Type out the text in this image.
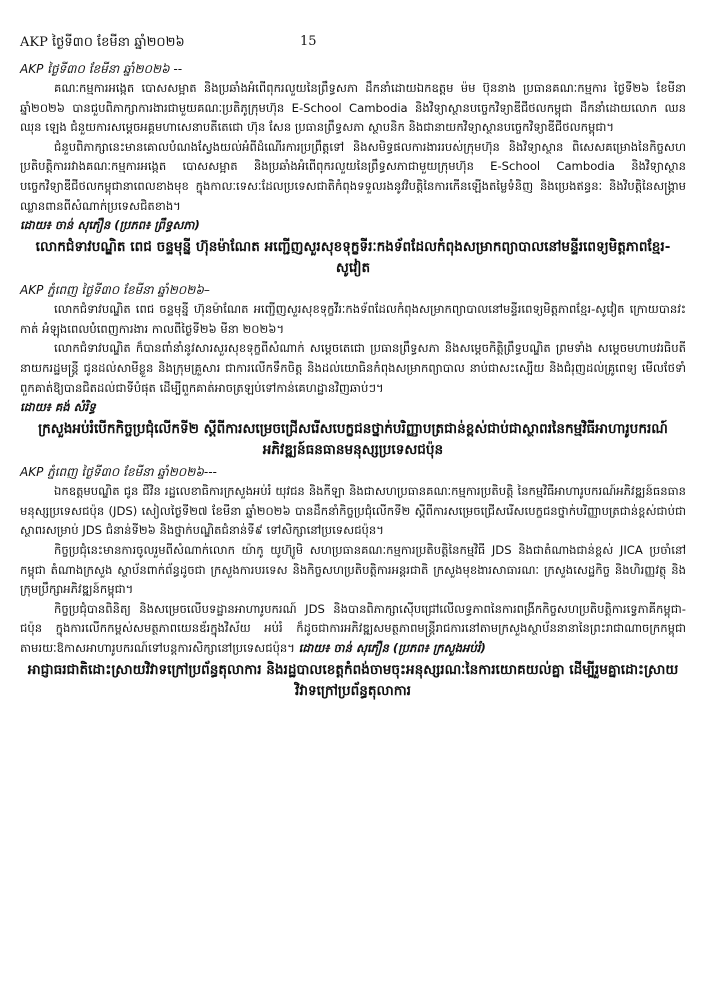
AKP ថ្ងៃទី៣០ ខែមីនា ឆ្នាំ២០២៦	15

AKP ថ្ងៃទី៣០ ខែមីនា ឆ្នាំ២០២៦ --

គណៈកម្មការអង្កេត បោសសម្អាត និងប្រឆាំងអំពើពុករលួយនៃព្រឹទ្ធសភា ដឹកនាំដោយឯកឧត្តម ម៉ម ប៊ុននាង ប្រធានគណៈកម្មការ ថ្ងៃទី២៦ ខែមីនា ឆ្នាំ២០២៦ បានជួបពិភាក្សាការងារជាមួយគណៈប្រតិភូក្រុមហ៊ុន E-School Cambodia និងវិទ្យាស្ថានបច្ចេកវិទ្យាឌីជីថលកម្ពុជា ដឹកនាំដោយលោក ឈន ឈុន ឡេង ជំនួយការសម្តេចអគ្គមហាសេនាបតីតេជោ ហ៊ុន សែន ប្រធានព្រឹទ្ធសភា ស្ថាបនិក និងជានាយកវិទ្យាស្ថានបច្ចេកវិទ្យាឌីជីថលកម្ពុជា។

ជំនួបពិភាក្សានេះមានគោលបំណងស្វែងយល់អំពីដំណើរការប្រព្រឹត្តទៅ និងសមិទ្ធផលការងាររបស់ក្រុមហ៊ុន និងវិទ្យាស្ថាន ពិសេសគម្រោងនៃកិច្ចសហប្រតិបត្តិការរវាងគណៈកម្មការអង្កេត បោសសម្អាត និងប្រឆាំងអំពើពុករលួយនៃព្រឹទ្ធសភាជាមួយក្រុមហ៊ុន E-School Cambodia និងវិទ្យាស្ថានបច្ចេកវិទ្យាឌីជីថលកម្ពុជានាពេលខាងមុខ ក្នុងកាលៈទេសៈដែលប្រទេសជាតិកំពុងទទួលរងនូវវិបត្តិនៃការកើនឡើងតម្លៃទំនិញ និងប្រេងឥន្ធនៈ និងវិបត្តិនៃសង្គ្រាមឈ្លានពានពីសំណាក់ប្រទេសជិតខាង។

ដោយ៖ ចាន់ សុភឿន (ប្រភព៖ ព្រឹទ្ធសភា)

លោកជំទាវបណ្ឌិត ពេជ ចន្ទមុន្នី ហ៊ុនម៉ាណែត អញ្ជើញសួរសុខទុក្ខទីរៈកងទ័ពដែលកំពុងសម្រាកព្យាបាលនៅមន្ទីរពេទ្យមិត្តភាពខ្មែរ-សូវៀត

AKP ភ្នំពេញ ថ្ងៃទី៣០ ខែមីនា ឆ្នាំ២០២៦–

លោកជំទាវបណ្ឌិត ពេជ ចន្ទមុន្នី ហ៊ុនម៉ាណែត អញ្ជើញសួរសុខទុក្ខវីរៈកងទ័ពដែលកំពុងសម្រាកព្យាបាលនៅមន្ទីរពេទ្យមិត្តភាពខ្មែរ-សូវៀត ក្រោយបានវះកាត់ អំឡុងពេលបំពេញការងារ កាលពីថ្ងៃទី២៦ មីនា ២០២៦។

លោកជំទាវបណ្ឌិត ក៏បានពាំនាំនូវសារសួរសុខទុក្ខពីសំណាក់ សម្តេចតេជោ ប្រធានព្រឹទ្ធសភា និងសម្តេចកិត្តិព្រឹទ្ធបណ្ឌិត ព្រមទាំង សម្តេចមហាបវរធិបតី នាយករដ្ឋមន្ត្រី ជូនដល់សាមីខ្លួន និងក្រុមគ្រួសារ ជាការលើកទឹកចិត្ត និងដល់យោធិនកំពុងសម្រាកព្យាបាល នាប់ជាសះស្បើយ និងជំរុញដល់គ្រូពេទ្យ មើលថែទាំពួកគាត់ឱ្យបានជិតដល់ជាទីបំផុត ដើម្បីពួកគាត់អាចត្រឡប់ទៅកាន់គេហដ្ឋានវិញឆាប់ៗ។

ដោយ៖ គង់ សំរិទ្ធ

ក្រសួងអប់រំបើកកិច្ចប្រជុំលើកទី២ ស្តីពីការសម្រេចជ្រើសរើសបេក្ខជនថ្នាក់បរិញ្ញាបត្រជាន់ខ្ពស់ជាប់ជាស្ថាពរនៃកម្មវិធីអាហារូបករណ៍អភិវឌ្ឍន៍ធនធានមនុស្សប្រទេសជប៉ុន

AKP ភ្នំពេញ ថ្ងៃទី៣០ ខែមីនា ឆ្នាំ២០២៦---

ឯកឧត្តមបណ្ឌិត ជូន ជីវិន រដ្ឋលេខាធិការក្រសួងអប់រំ យុវជន និងកីឡា និងជាសហប្រធានគណៈកម្មការប្រតិបត្តិ នៃកម្មវិធីអាហារូបករណ៍អភិវឌ្ឍន៍ធនធានមនុស្សប្រទេសជប៉ុន (JDS) សៀលថ្ងៃទី២៧ ខែមីនា ឆ្នាំ២០២៦ បានដឹកនាំកិច្ចប្រជុំលើកទី២ ស្តីពីការសម្រេចជ្រើសរើសបេក្ខជនថ្នាក់បរិញ្ញាបត្រជាន់ខ្ពស់ជាប់ជាស្ថាពរសម្រាប់ JDS ជំនាន់ទី២៦ និងថ្នាក់បណ្ឌិតជំនាន់ទី៩ ទៅសិក្សានៅប្រទេសជប៉ុន។

កិច្ចប្រជុំនេះមានការចូលរួមពីសំណាក់លោក យ៉ាកូ យូហ៊្យូមិ សហប្រធានគណៈកម្មការប្រតិបត្តិនៃកម្មវិធី JDS និងជាតំណាងជាន់ខ្ពស់ JICA ប្រចាំនៅកម្ពុជា តំណាងក្រសួង ស្ថាប័នពាក់ព័ន្ធដូចជា ក្រសួងការបរទេស និងកិច្ចសហប្រតិបត្តិការអន្តរជាតិ ក្រសួងមុខងារសាធារណៈ ក្រសួងសេដ្ឋកិច្ច និងហិរញ្ញវត្ថុ និងក្រុមប្រឹក្សាអភិវឌ្ឍន៍កម្ពុជា។

កិច្ចប្រជុំបានពិនិត្យ និងសម្រេចលើបទដ្ឋានអាហារូបករណ៍ JDS និងបានពិភាក្សាស៊ើបជ្រៅលើលទ្ធភាពនៃការពង្រីកកិច្ចសហប្រតិបត្តិការទ្វេភាគីកម្ពុជា-ជប៉ុន ក្នុងការលើកកម្ពស់សមត្ថភាពយេនឌ័រក្នុងវិស័យ អប់រំ ក៏ដូចជាការអភិវឌ្ឍសមត្ថភាពមន្ត្រីរាជការនៅតាមក្រសួងស្ថាប័ននានានៃព្រះរាជាណាចក្រកម្ពុជា តាមរយៈឱកាសអាហារូបករណ៍ទៅបន្តការសិក្សានៅប្រទេសជប៉ុន។ ដោយ៖ ចាន់ សុភឿន (ប្រភព៖ ក្រសួងអប់រំ)

អាជ្ញាធរជាតិដោះស្រាយវិវាទក្រៅប្រព័ន្ធតុលាការ និងរដ្ឋបាលខេត្តកំពង់ចាមចុះអនុស្សរណៈនៃការយោគយល់គ្នា ដើម្បីរួមគ្នាដោះស្រាយវិវាទក្រៅប្រព័ន្ធតុលាការ
